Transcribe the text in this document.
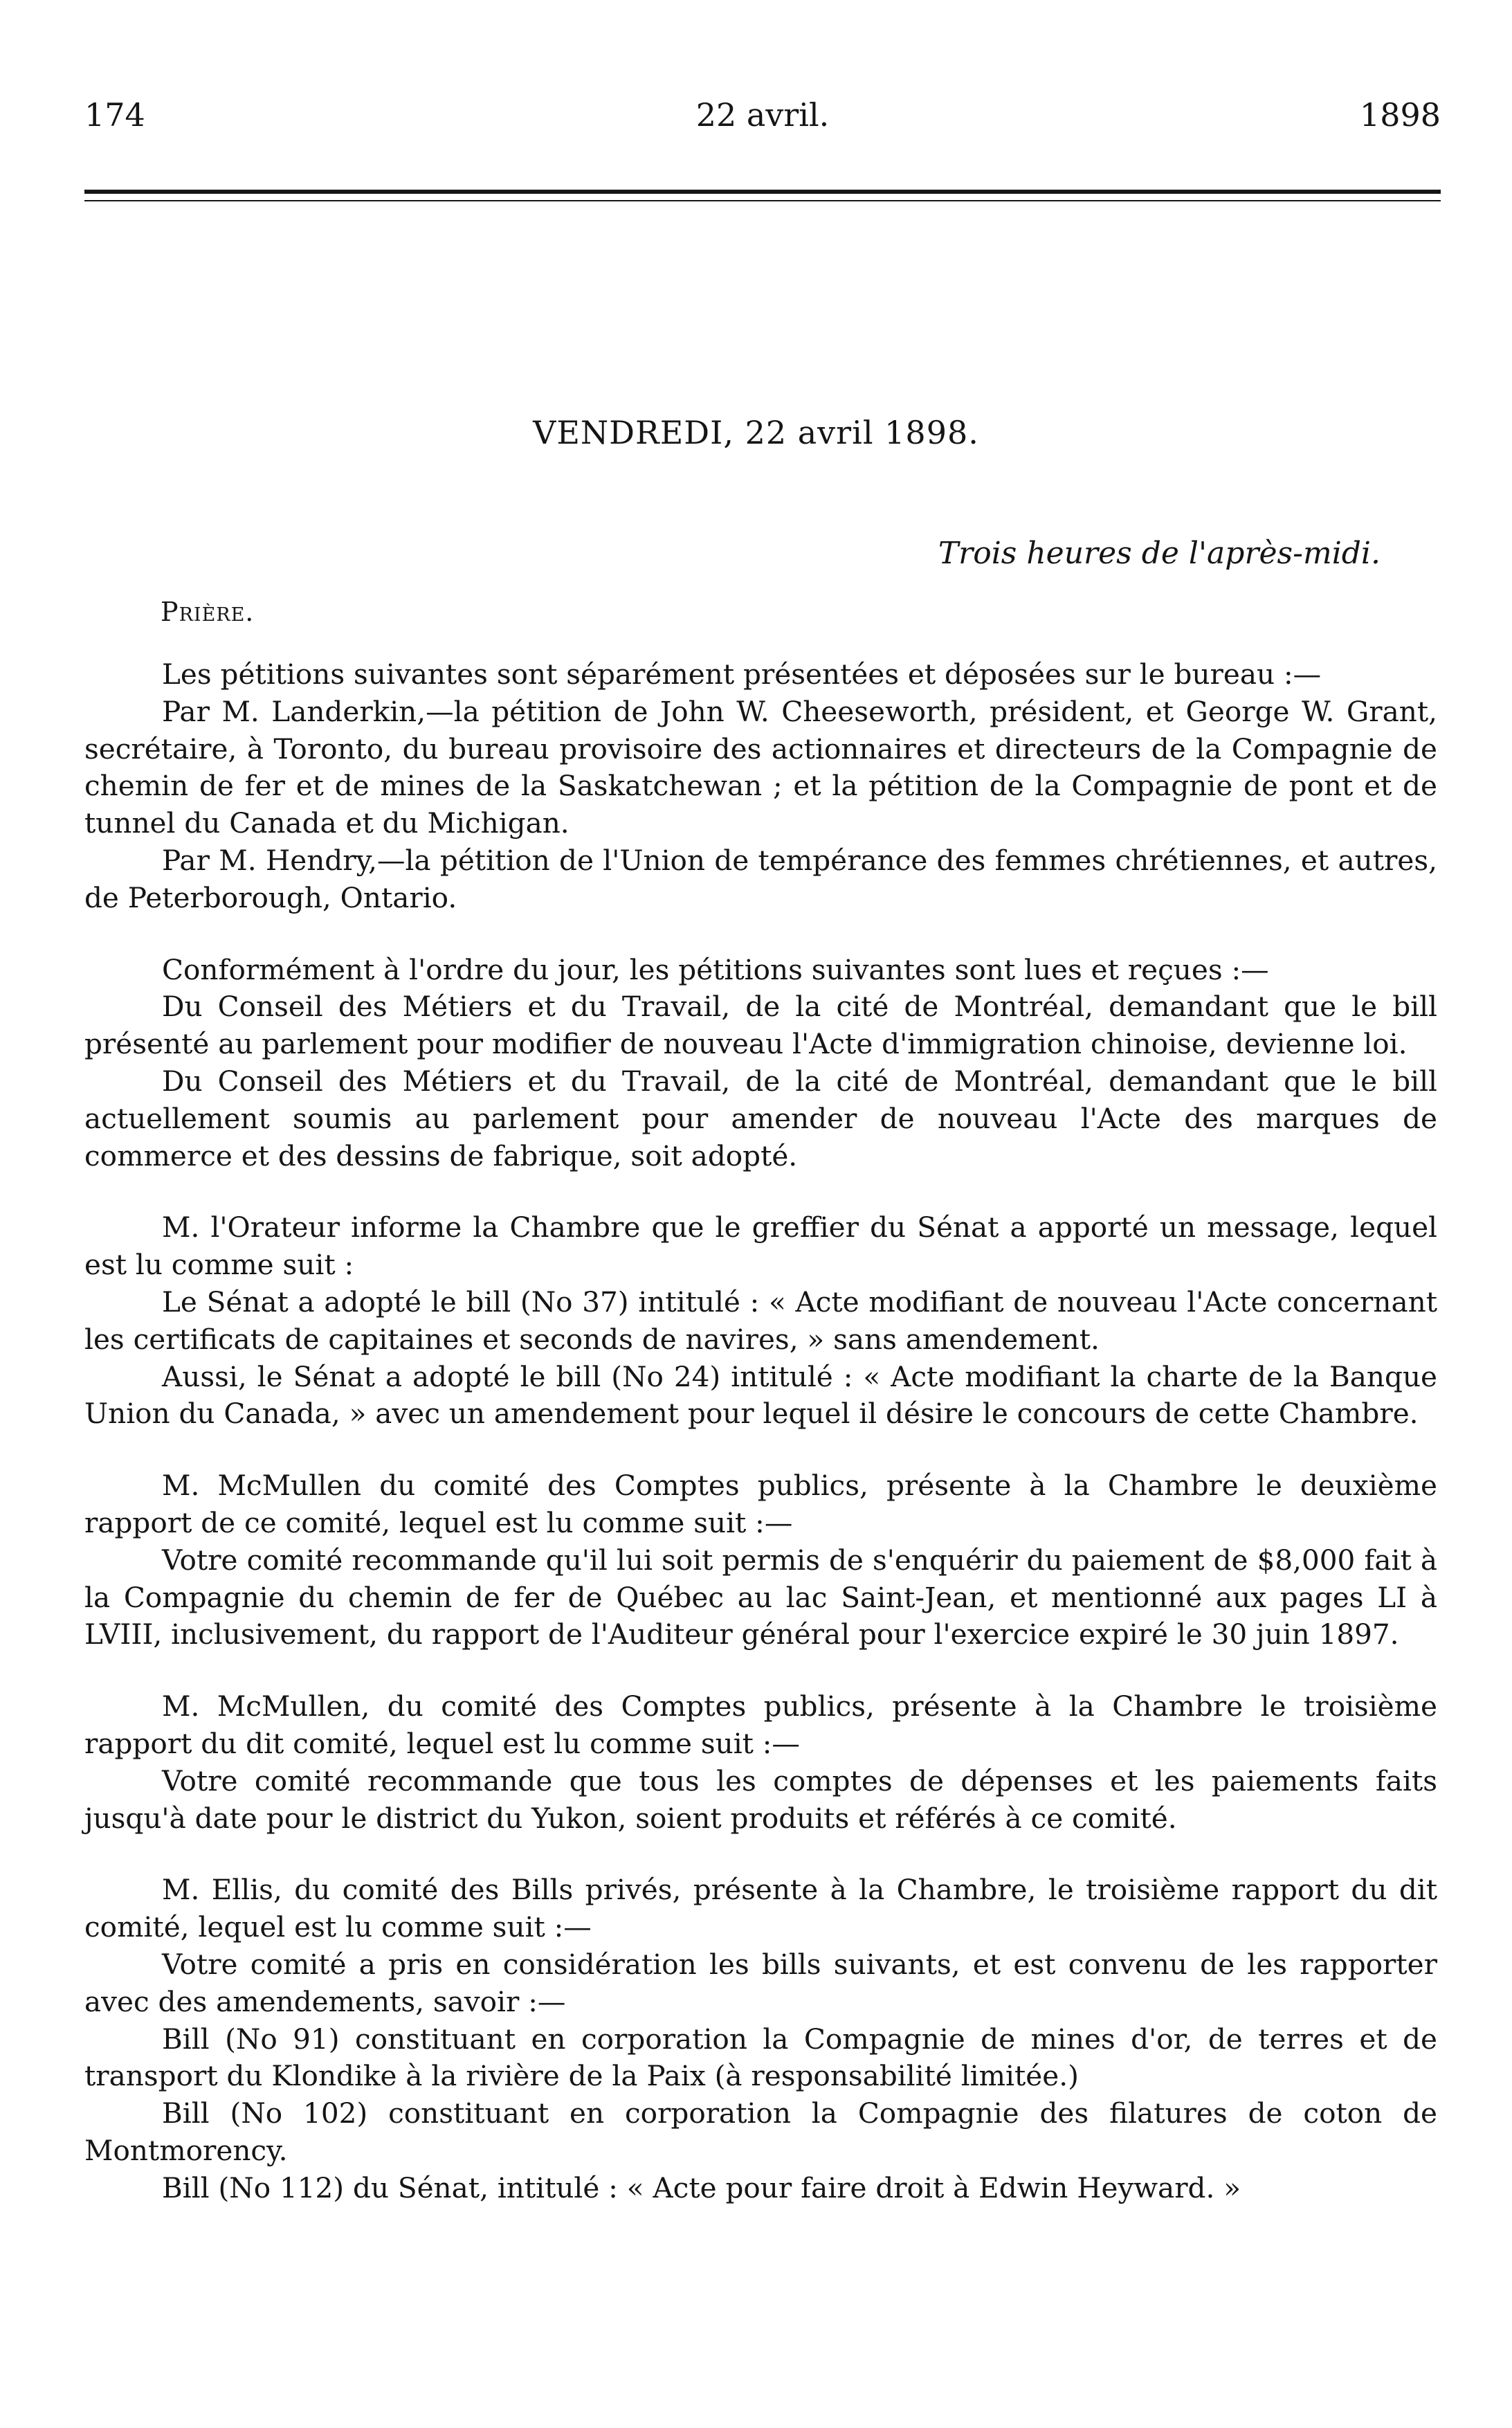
174	22 avril.	1898
VENDREDI, 22 avril 1898.
Trois heures de l'après-midi.
Prière.

Les pétitions suivantes sont séparément présentées et déposées sur le bureau :—

Par M. Landerkin,—la pétition de John W. Cheeseworth, président, et George W. Grant, secrétaire, à Toronto, du bureau provisoire des actionnaires et directeurs de la Compagnie de chemin de fer et de mines de la Saskatchewan ; et la pétition de la Compagnie de pont et de tunnel du Canada et du Michigan.

Par M. Hendry,—la pétition de l'Union de tempérance des femmes chrétiennes, et autres, de Peterborough, Ontario.

Conformément à l'ordre du jour, les pétitions suivantes sont lues et reçues :—

Du Conseil des Métiers et du Travail, de la cité de Montréal, demandant que le bill présenté au parlement pour modifier de nouveau l'Acte d'immigration chinoise, devienne loi.

Du Conseil des Métiers et du Travail, de la cité de Montréal, demandant que le bill actuellement soumis au parlement pour amender de nouveau l'Acte des marques de commerce et des dessins de fabrique, soit adopté.

M. l'Orateur informe la Chambre que le greffier du Sénat a apporté un message, lequel est lu comme suit :

Le Sénat a adopté le bill (No 37) intitulé : « Acte modifiant de nouveau l'Acte concernant les certificats de capitaines et seconds de navires, » sans amendement.

Aussi, le Sénat a adopté le bill (No 24) intitulé : « Acte modifiant la charte de la Banque Union du Canada, » avec un amendement pour lequel il désire le concours de cette Chambre.

M. McMullen du comité des Comptes publics, présente à la Chambre le deuxième rapport de ce comité, lequel est lu comme suit :—

Votre comité recommande qu'il lui soit permis de s'enquérir du paiement de $8,000 fait à la Compagnie du chemin de fer de Québec au lac Saint-Jean, et mentionné aux pages LI à LVIII, inclusivement, du rapport de l'Auditeur général pour l'exercice expiré le 30 juin 1897.

M. McMullen, du comité des Comptes publics, présente à la Chambre le troisième rapport du dit comité, lequel est lu comme suit :—

Votre comité recommande que tous les comptes de dépenses et les paiements faits jusqu'à date pour le district du Yukon, soient produits et référés à ce comité.

M. Ellis, du comité des Bills privés, présente à la Chambre, le troisième rapport du dit comité, lequel est lu comme suit :—

Votre comité a pris en considération les bills suivants, et est convenu de les rapporter avec des amendements, savoir :—

Bill (No 91) constituant en corporation la Compagnie de mines d'or, de terres et de transport du Klondike à la rivière de la Paix (à responsabilité limitée.)

Bill (No 102) constituant en corporation la Compagnie des filatures de coton de Montmorency.

Bill (No 112) du Sénat, intitulé : « Acte pour faire droit à Edwin Heyward. »
